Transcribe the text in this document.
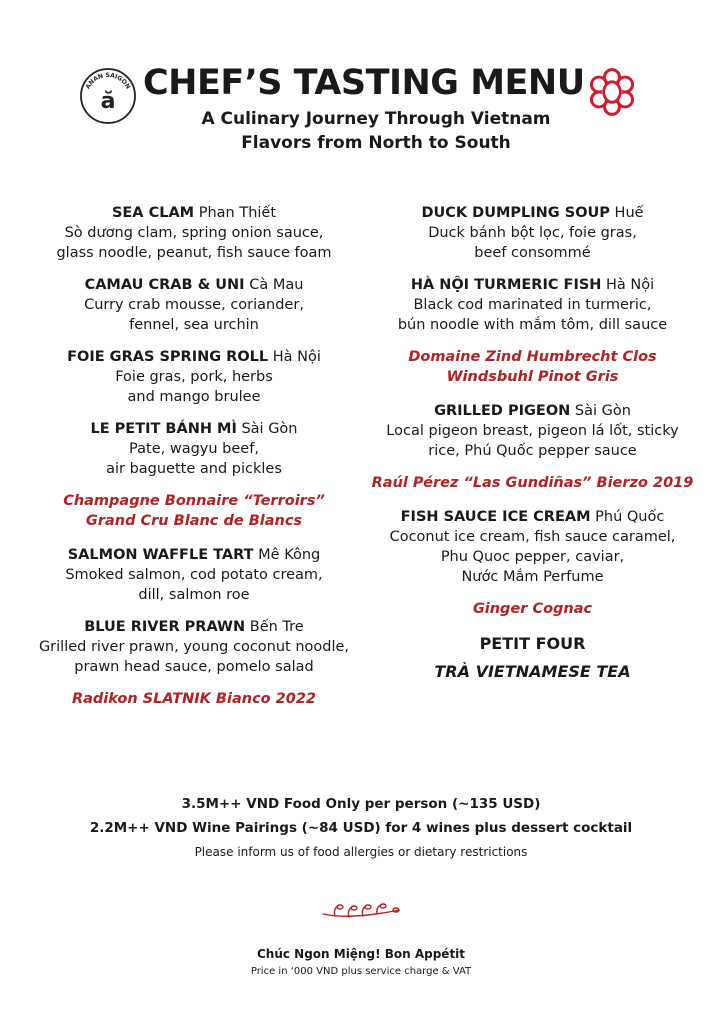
ANAN SAIGON
ă CHEF’S TASTING MENU
A Culinary Journey Through Vietnam
Flavors from North to South
SEA CLAM Phan Thiết
Sò dương clam, spring onion sauce,
glass noodle, peanut, fish sauce foam
CAMAU CRAB & UNI Cà Mau
Curry crab mousse, coriander,
fennel, sea urchin
FOIE GRAS SPRING ROLL Hà Nội
Foie gras, pork, herbs
and mango brulee
LE PETIT BÁNH MÌ Sài Gòn
Pate, wagyu beef,
air baguette and pickles
Champagne Bonnaire “Terroirs”
Grand Cru Blanc de Blancs
SALMON WAFFLE TART Mê Kông
Smoked salmon, cod potato cream,
dill, salmon roe
BLUE RIVER PRAWN Bến Tre
Grilled river prawn, young coconut noodle,
prawn head sauce, pomelo salad
Radikon SLATNIK Bianco 2022
DUCK DUMPLING SOUP Huế
Duck bánh bột lọc, foie gras,
beef consommé
HÀ NỘI TURMERIC FISH Hà Nội
Black cod marinated in turmeric,
bún noodle with mắm tôm, dill sauce
Domaine Zind Humbrecht Clos
Windsbuhl Pinot Gris
GRILLED PIGEON Sài Gòn
Local pigeon breast, pigeon lá lốt, sticky
rice, Phú Quốc pepper sauce
Raúl Pérez “Las Gundiñas” Bierzo 2019
FISH SAUCE ICE CREAM Phú Quốc
Coconut ice cream, fish sauce caramel,
Phu Quoc pepper, caviar,
Nước Mắm Perfume
Ginger Cognac
PETIT FOUR
TRÀ VIETNAMESE TEA
3.5M++ VND Food Only per person (~135 USD)
2.2M++ VND Wine Pairings (~84 USD) for 4 wines plus dessert cocktail
Please inform us of food allergies or dietary restrictions
Chúc Ngon Miệng! Bon Appétit
Price in ‘000 VND plus service charge & VAT
